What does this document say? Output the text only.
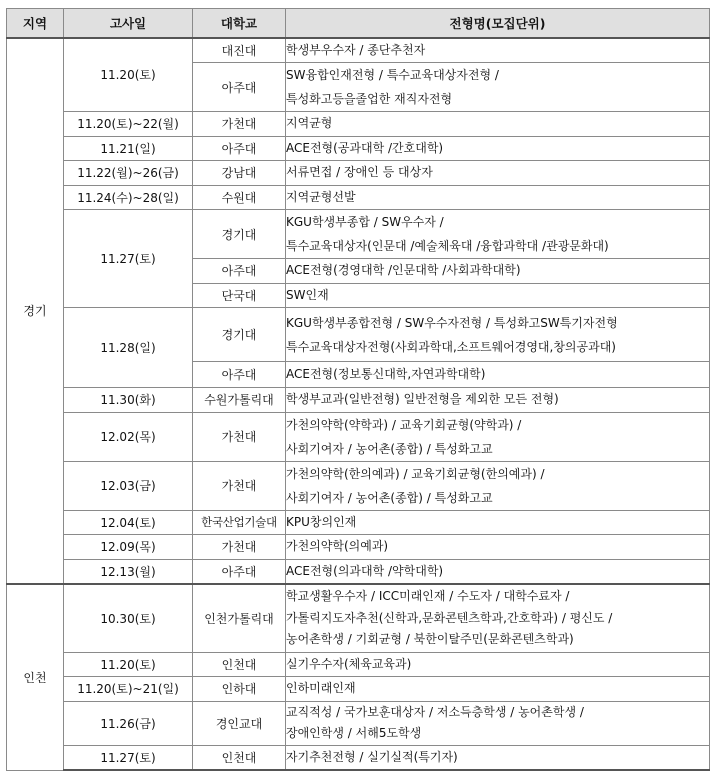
지역	고사일	대학교	전형명(모집단위)
경기	11.20(토)	대진대	학생부우수자 / 종단추천자

		아주대	SW융합인재전형 / 특수교육대상자전형 /
특성화고등을졸업한 재직자전형

	11.20(토)~22(월)	가천대	지역균형

	11.21(일)	아주대	ACE전형(공과대학 /간호대학)

	11.22(월)~26(금)	강남대	서류면접 / 장애인 등 대상자

	11.24(수)~28(일)	수원대	지역균형선발

	11.27(토)	경기대	KGU학생부종합 / SW우수자 /
특수교육대상자(인문대 /예술체육대 /융합과학대 /관광문화대)

		아주대	ACE전형(경영대학 /인문대학 /사회과학대학)

		단국대	SW인재

	11.28(일)	경기대	KGU학생부종합전형 / SW우수자전형 / 특성화고SW특기자전형
특수교육대상자전형(사회과학대,소프트웨어경영대,창의공과대)

		아주대	ACE전형(정보통신대학,자연과학대학)

	11.30(화)	수원가톨릭대	학생부교과(일반전형) 일반전형을 제외한 모든 전형)

	12.02(목)	가천대	가천의약학(약학과) / 교육기회균형(약학과) /
사회기여자 / 농어촌(종합) / 특성화고교

	12.03(금)	가천대	가천의약학(한의예과) / 교육기회균형(한의예과) /
사회기여자 / 농어촌(종합) / 특성화고교

	12.04(토)	한국산업기술대	KPU창의인재

	12.09(목)	가천대	가천의약학(의예과)

	12.13(월)	아주대	ACE전형(의과대학 /약학대학)

인천	10.30(토)	인천가톨릭대	학교생활우수자 / ICC미래인재 / 수도자 / 대학수료자 /
가톨릭지도자추천(신학과,문화콘텐츠학과,간호학과) / 평신도 /
농어촌학생 / 기회균형 / 북한이탈주민(문화콘텐츠학과)

	11.20(토)	인천대	실기우수자(체육교육과)

	11.20(토)~21(일)	인하대	인하미래인재

	11.26(금)	경인교대	교직적성 / 국가보훈대상자 / 저소득층학생 / 농어촌학생 /
장애인학생 / 서해5도학생

	11.27(토)	인천대	자기추천전형 / 실기실적(특기자)
